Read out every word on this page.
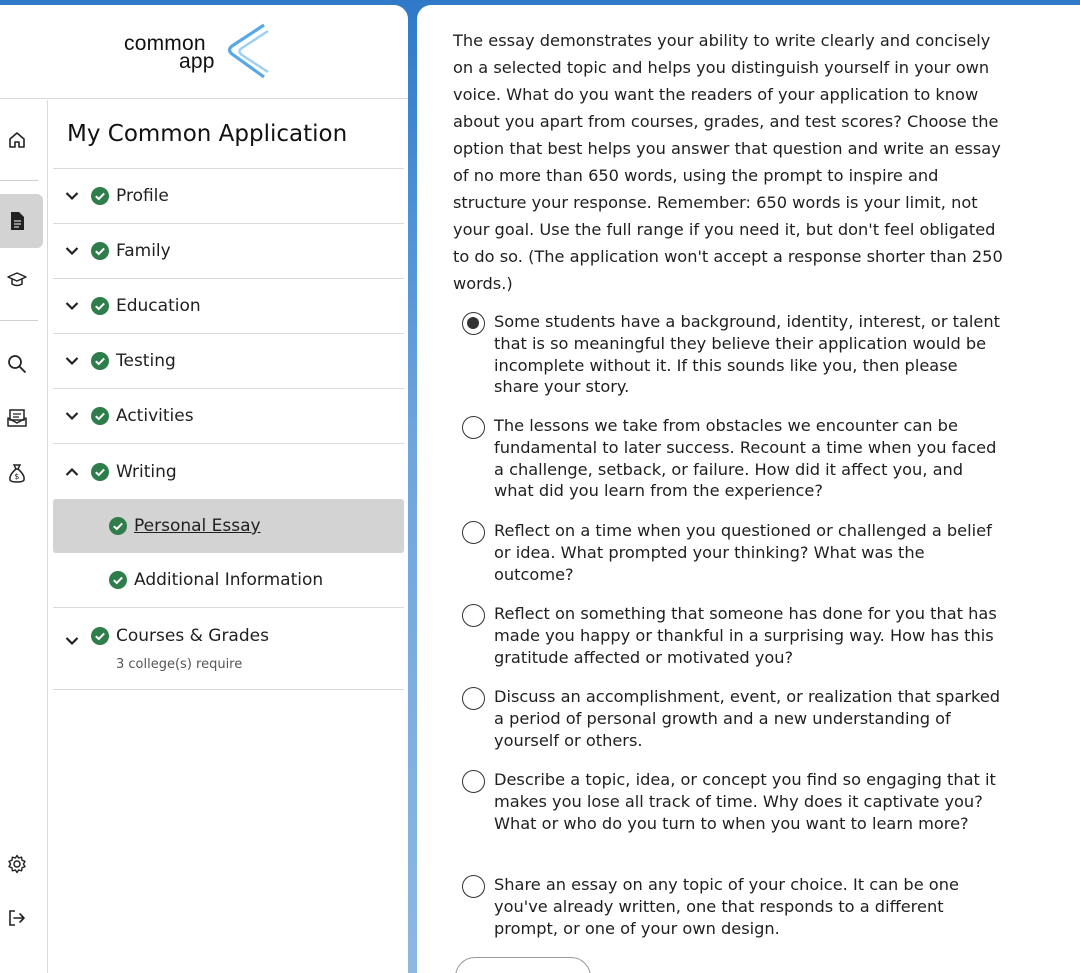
common
app
$
My Common Application
Profile
Family
Education
Testing
Activities
Writing
Personal Essay
Additional Information
Courses & Grades
3 college(s) require

The essay demonstrates your ability to write clearly and concisely on a selected topic and helps you distinguish yourself in your own voice. What do you want the readers of your application to know about you apart from courses, grades, and test scores? Choose the option that best helps you answer that question and write an essay of no more than 650 words, using the prompt to inspire and structure your response. Remember: 650 words is your limit, not your goal. Use the full range if you need it, but don't feel obligated to do so. (The application won't accept a response shorter than 250 words.)

Some students have a background, identity, interest, or talent that is so meaningful they believe their application would be incomplete without it. If this sounds like you, then please share your story.
The lessons we take from obstacles we encounter can be fundamental to later success. Recount a time when you faced a challenge, setback, or failure. How did it affect you, and what did you learn from the experience?
Reflect on a time when you questioned or challenged a belief or idea. What prompted your thinking? What was the outcome?
Reflect on something that someone has done for you that has made you happy or thankful in a surprising way. How has this gratitude affected or motivated you?
Discuss an accomplishment, event, or realization that sparked a period of personal growth and a new understanding of yourself or others.
Describe a topic, idea, or concept you find so engaging that it makes you lose all track of time. Why does it captivate you? What or who do you turn to when you want to learn more?
Share an essay on any topic of your choice. It can be one you've already written, one that responds to a different prompt, or one of your own design.
